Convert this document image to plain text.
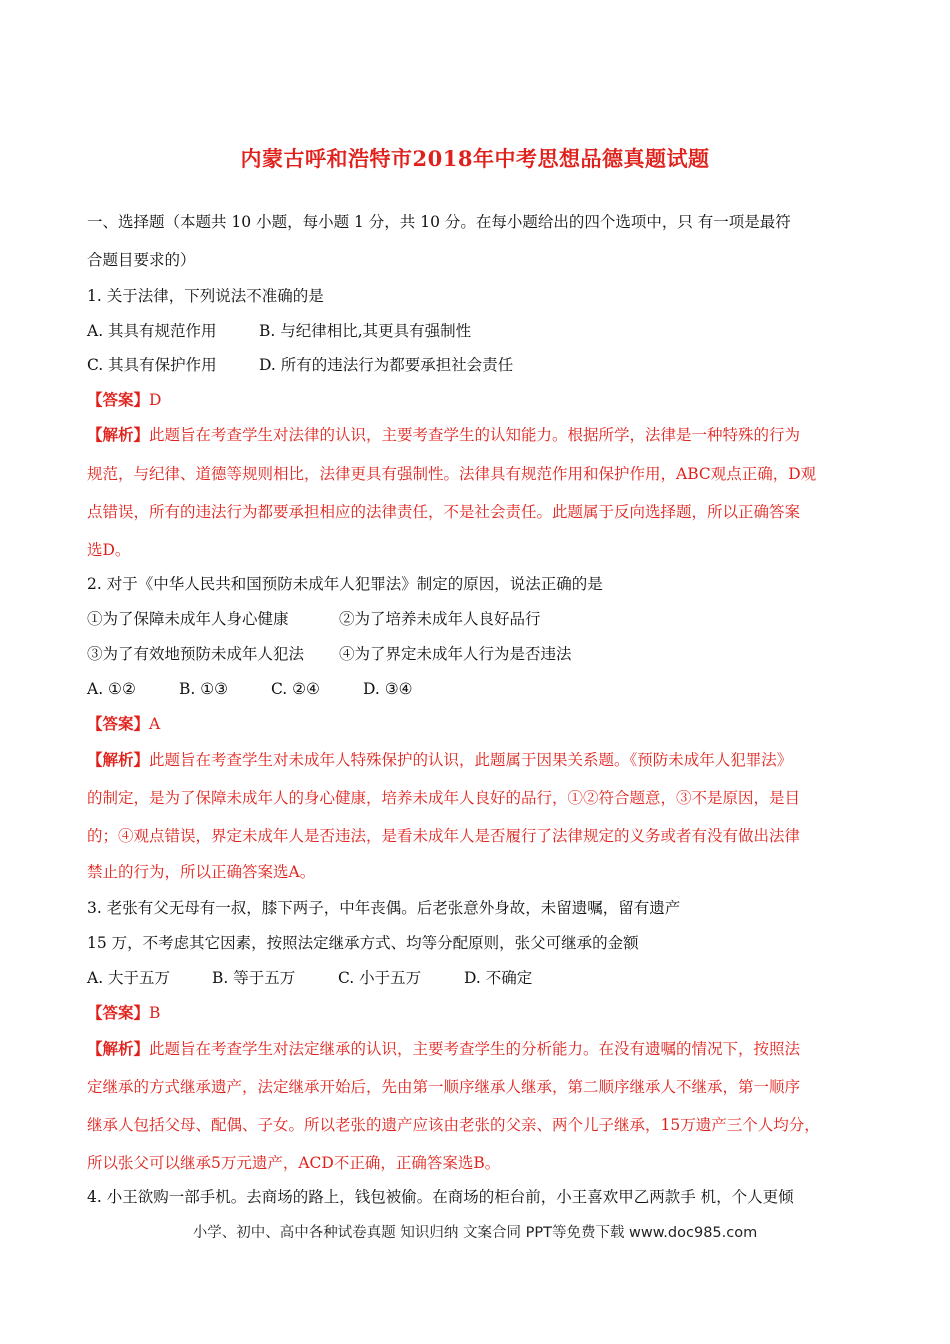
内蒙古呼和浩特市2018年中考思想品德真题试题
一、选择题（本题共 10 小题，每小题 1 分，共 10 分。在每小题给出的四个选项中，只 有一项是最符
合题目要求的）
1. 关于法律，下列说法不准确的是
A. 其具有规范作用	B. 与纪律相比,其更具有强制性
C. 其具有保护作用	D. 所有的违法行为都要承担社会责任
【答案】D
【解析】此题旨在考查学生对法律的认识，主要考查学生的认知能力。根据所学，法律是一种特殊的行为
规范，与纪律、道德等规则相比，法律更具有强制性。法律具有规范作用和保护作用，ABC观点正确，D观
点错误，所有的违法行为都要承担相应的法律责任，不是社会责任。此题属于反向选择题，所以正确答案
选D。
2. 对于《中华人民共和国预防未成年人犯罪法》制定的原因，说法正确的是
①为了保障未成年人身心健康	②为了培养未成年人良好品行
③为了有效地预防未成年人犯法 ④为了界定未成年人行为是否违法
A. ①②	B. ①③	C. ②④	D. ③④
【答案】A
【解析】此题旨在考查学生对未成年人特殊保护的认识，此题属于因果关系题。《预防未成年人犯罪法》
的制定，是为了保障未成年人的身心健康，培养未成年人良好的品行，①②符合题意，③不是原因，是目
的；④观点错误，界定未成年人是否违法，是看未成年人是否履行了法律规定的义务或者有没有做出法律
禁止的行为，所以正确答案选A。
3. 老张有父无母有一叔，膝下两子，中年丧偶。后老张意外身故，未留遗嘱，留有遗产
15 万，不考虑其它因素，按照法定继承方式、均等分配原则，张父可继承的金额
A. 大于五万	B. 等于五万	C. 小于五万	D. 不确定
【答案】B
【解析】此题旨在考查学生对法定继承的认识，主要考查学生的分析能力。在没有遗嘱的情况下，按照法
定继承的方式继承遗产，法定继承开始后，先由第一顺序继承人继承，第二顺序继承人不继承，第一顺序
继承人包括父母、配偶、子女。所以老张的遗产应该由老张的父亲、两个儿子继承，15万遗产三个人均分，
所以张父可以继承5万元遗产，ACD不正确，正确答案选B。
4. 小王欲购一部手机。去商场的路上，钱包被偷。在商场的柜台前，小王喜欢甲乙两款手 机，个人更倾
小学、初中、高中各种试卷真题 知识归纳 文案合同 PPT等免费下载 www.doc985.com
